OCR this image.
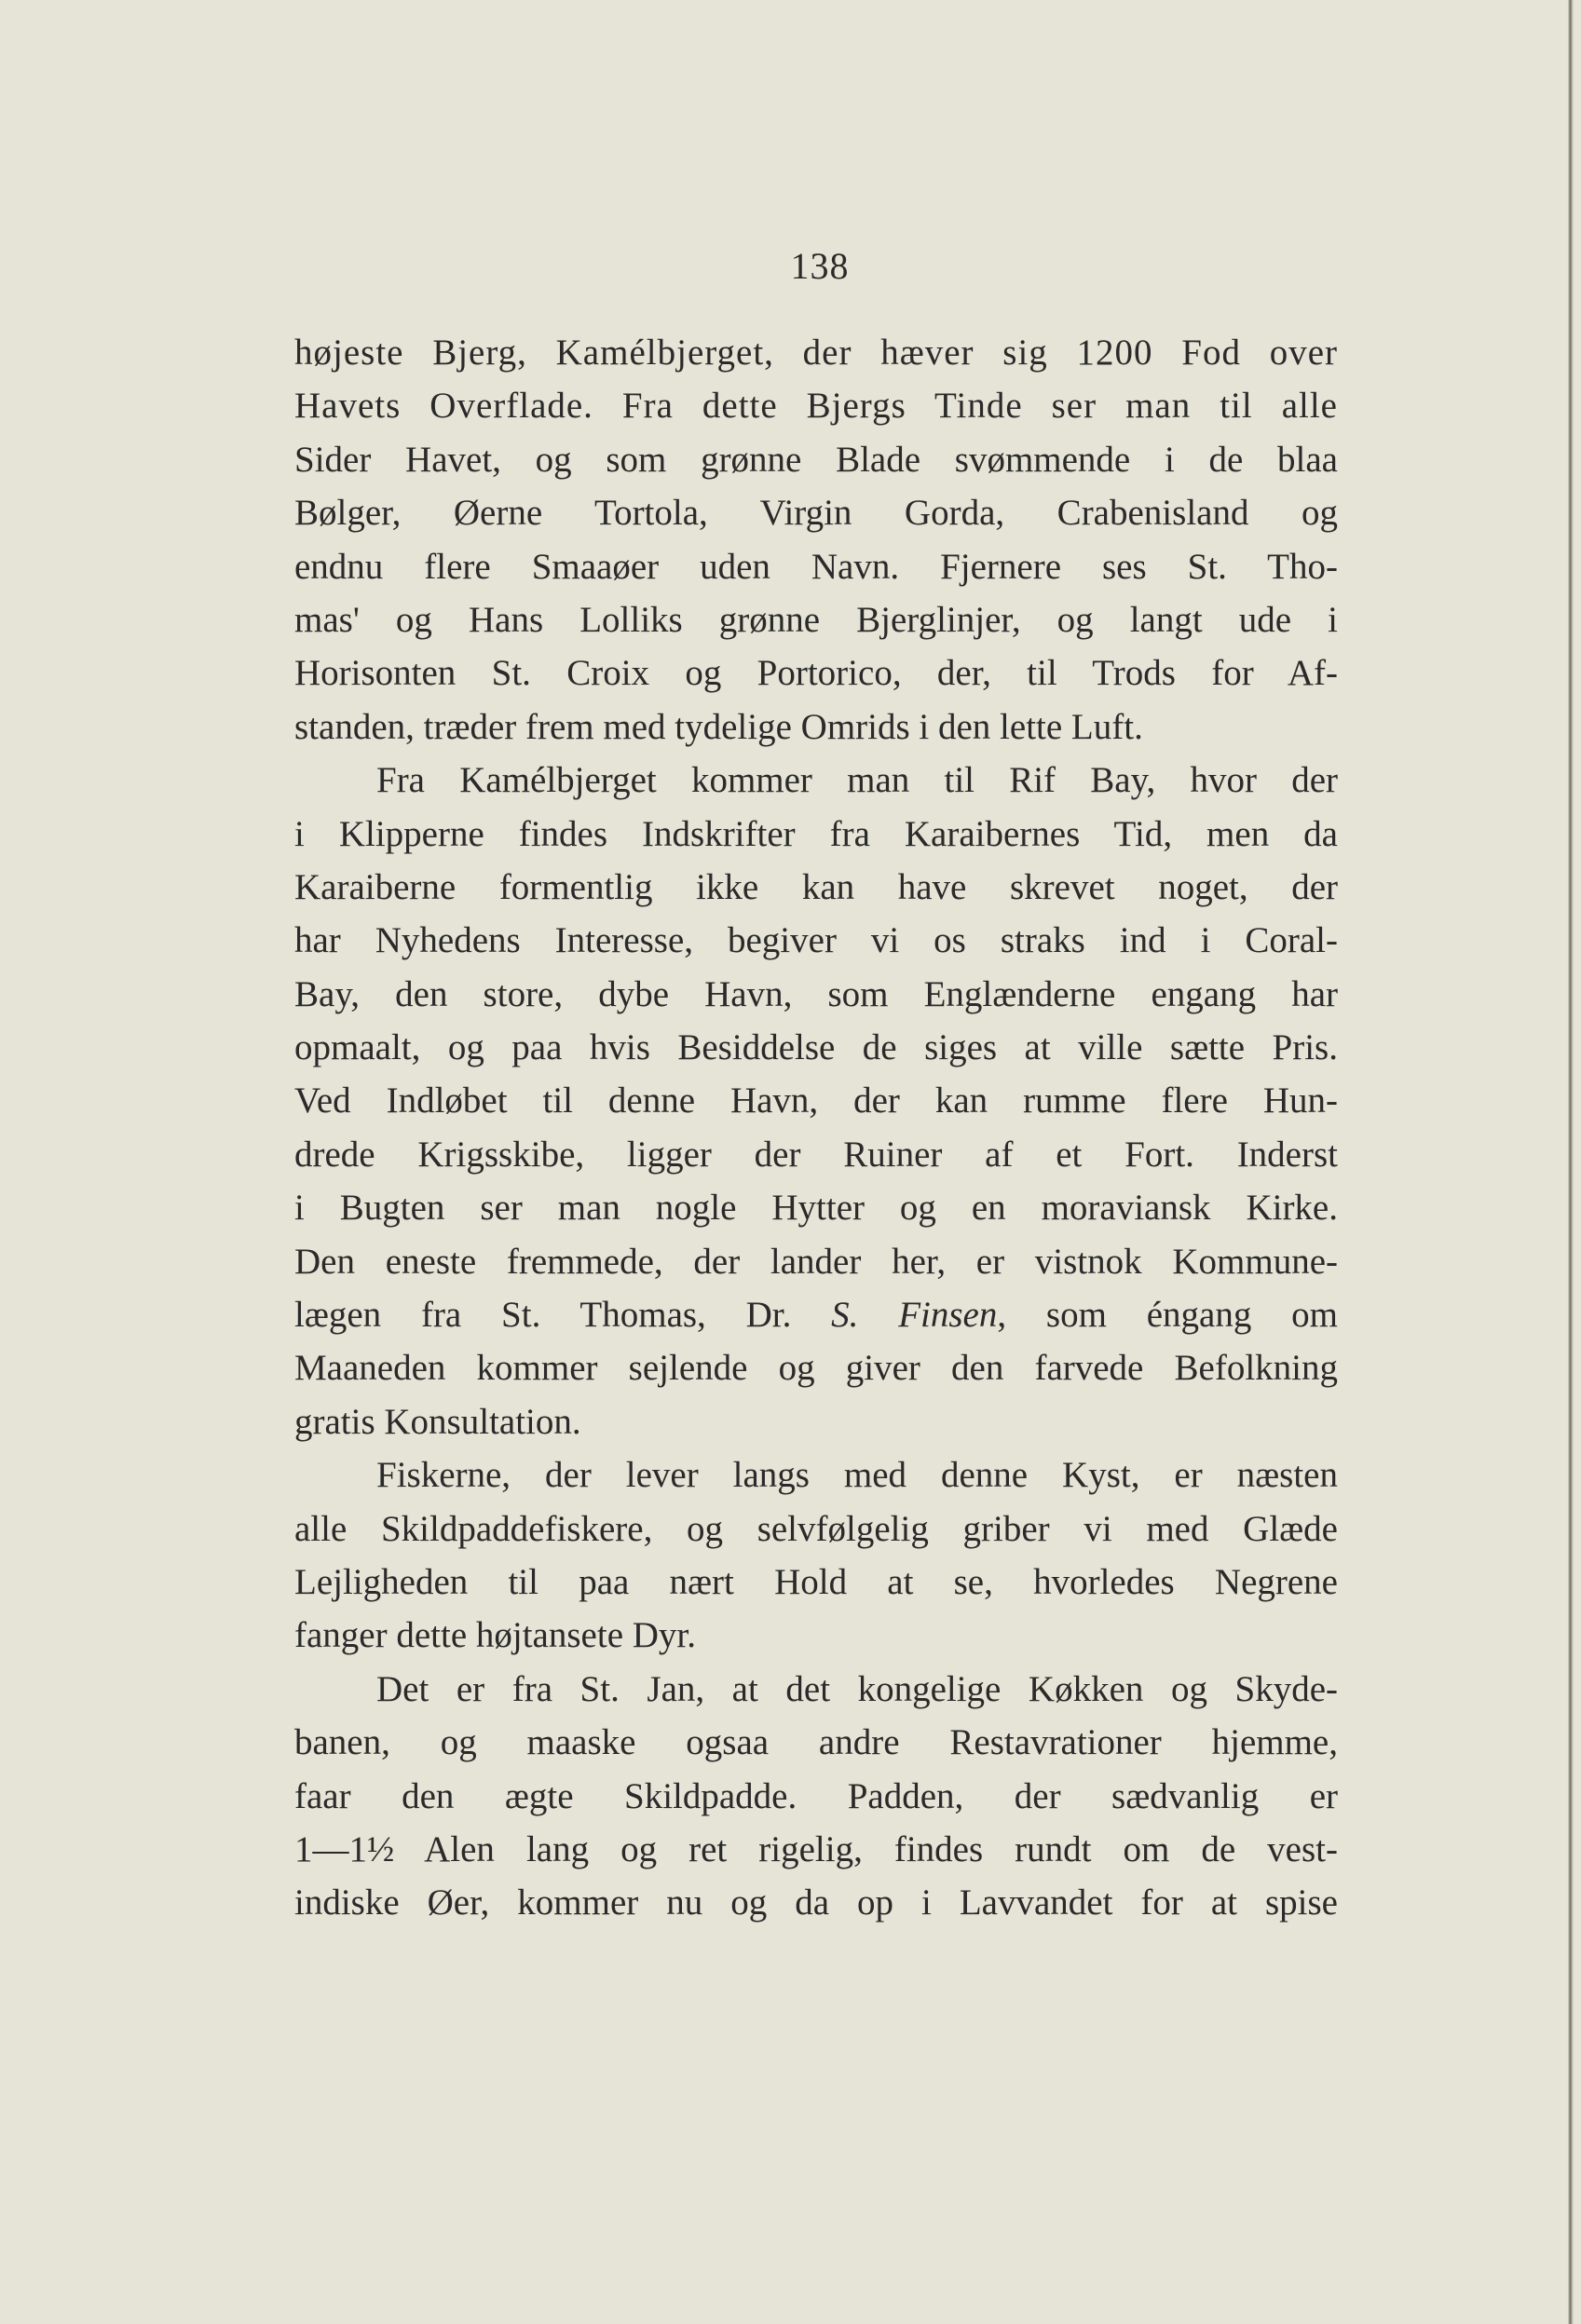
138
højeste Bjerg, Kamélbjerget, der hæver sig 1200 Fod over
Havets Overflade. Fra dette Bjergs Tinde ser man til alle
Sider Havet, og som grønne Blade svømmende i de blaa
Bølger, Øerne Tortola, Virgin Gorda, Crabenisland og
endnu flere Smaaøer uden Navn. Fjernere ses St. Tho-
mas' og Hans Lolliks grønne Bjerglinjer, og langt ude i
Horisonten St. Croix og Portorico, der, til Trods for Af-
standen, træder frem med tydelige Omrids i den lette Luft.
Fra Kamélbjerget kommer man til Rif Bay, hvor der
i Klipperne findes Indskrifter fra Karaibernes Tid, men da
Karaiberne formentlig ikke kan have skrevet noget, der
har Nyhedens Interesse, begiver vi os straks ind i Coral-
Bay, den store, dybe Havn, som Englænderne engang har
opmaalt, og paa hvis Besiddelse de siges at ville sætte Pris.
Ved Indløbet til denne Havn, der kan rumme flere Hun-
drede Krigsskibe, ligger der Ruiner af et Fort. Inderst
i Bugten ser man nogle Hytter og en moraviansk Kirke.
Den eneste fremmede, der lander her, er vistnok Kommune-
lægen fra St. Thomas, Dr. S. Finsen, som éngang om
Maaneden kommer sejlende og giver den farvede Befolkning
gratis Konsultation.
Fiskerne, der lever langs med denne Kyst, er næsten
alle Skildpaddefiskere, og selvfølgelig griber vi med Glæde
Lejligheden til paa nært Hold at se, hvorledes Negrene
fanger dette højtansete Dyr.
Det er fra St. Jan, at det kongelige Køkken og Skyde-
banen, og maaske ogsaa andre Restavrationer hjemme,
faar den ægte Skildpadde. Padden, der sædvanlig er
1—1½ Alen lang og ret rigelig, findes rundt om de vest-
indiske Øer, kommer nu og da op i Lavvandet for at spise
